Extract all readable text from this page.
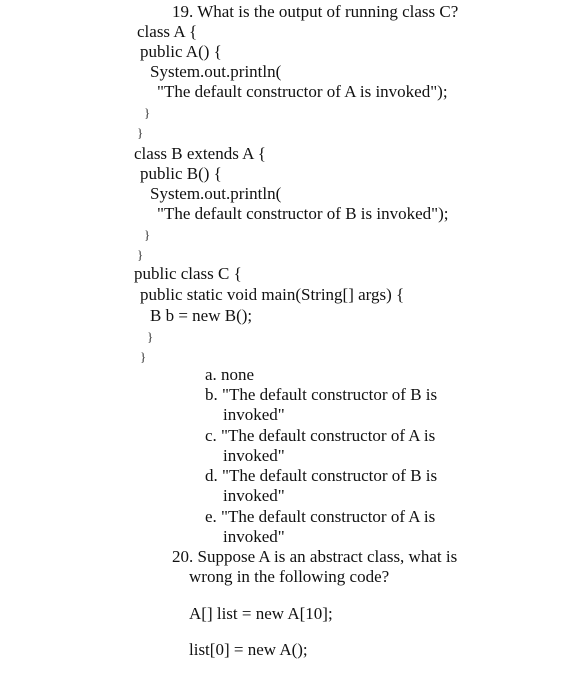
19. What is the output of running class C?
class A {
public A() {
System.out.println(
"The default constructor of A is invoked");
}
}
class B extends A {
public B() {
System.out.println(
"The default constructor of B is invoked");
}
}
public class C {
public static void main(String[] args) {
B b = new B();
}
}
a. none
b. "The default constructor of B is
invoked"
c. "The default constructor of A is
invoked"
d. "The default constructor of B is
invoked"
e. "The default constructor of A is
invoked"
20. Suppose A is an abstract class, what is
wrong in the following code?
A[] list = new A[10];
list[0] = new A();
